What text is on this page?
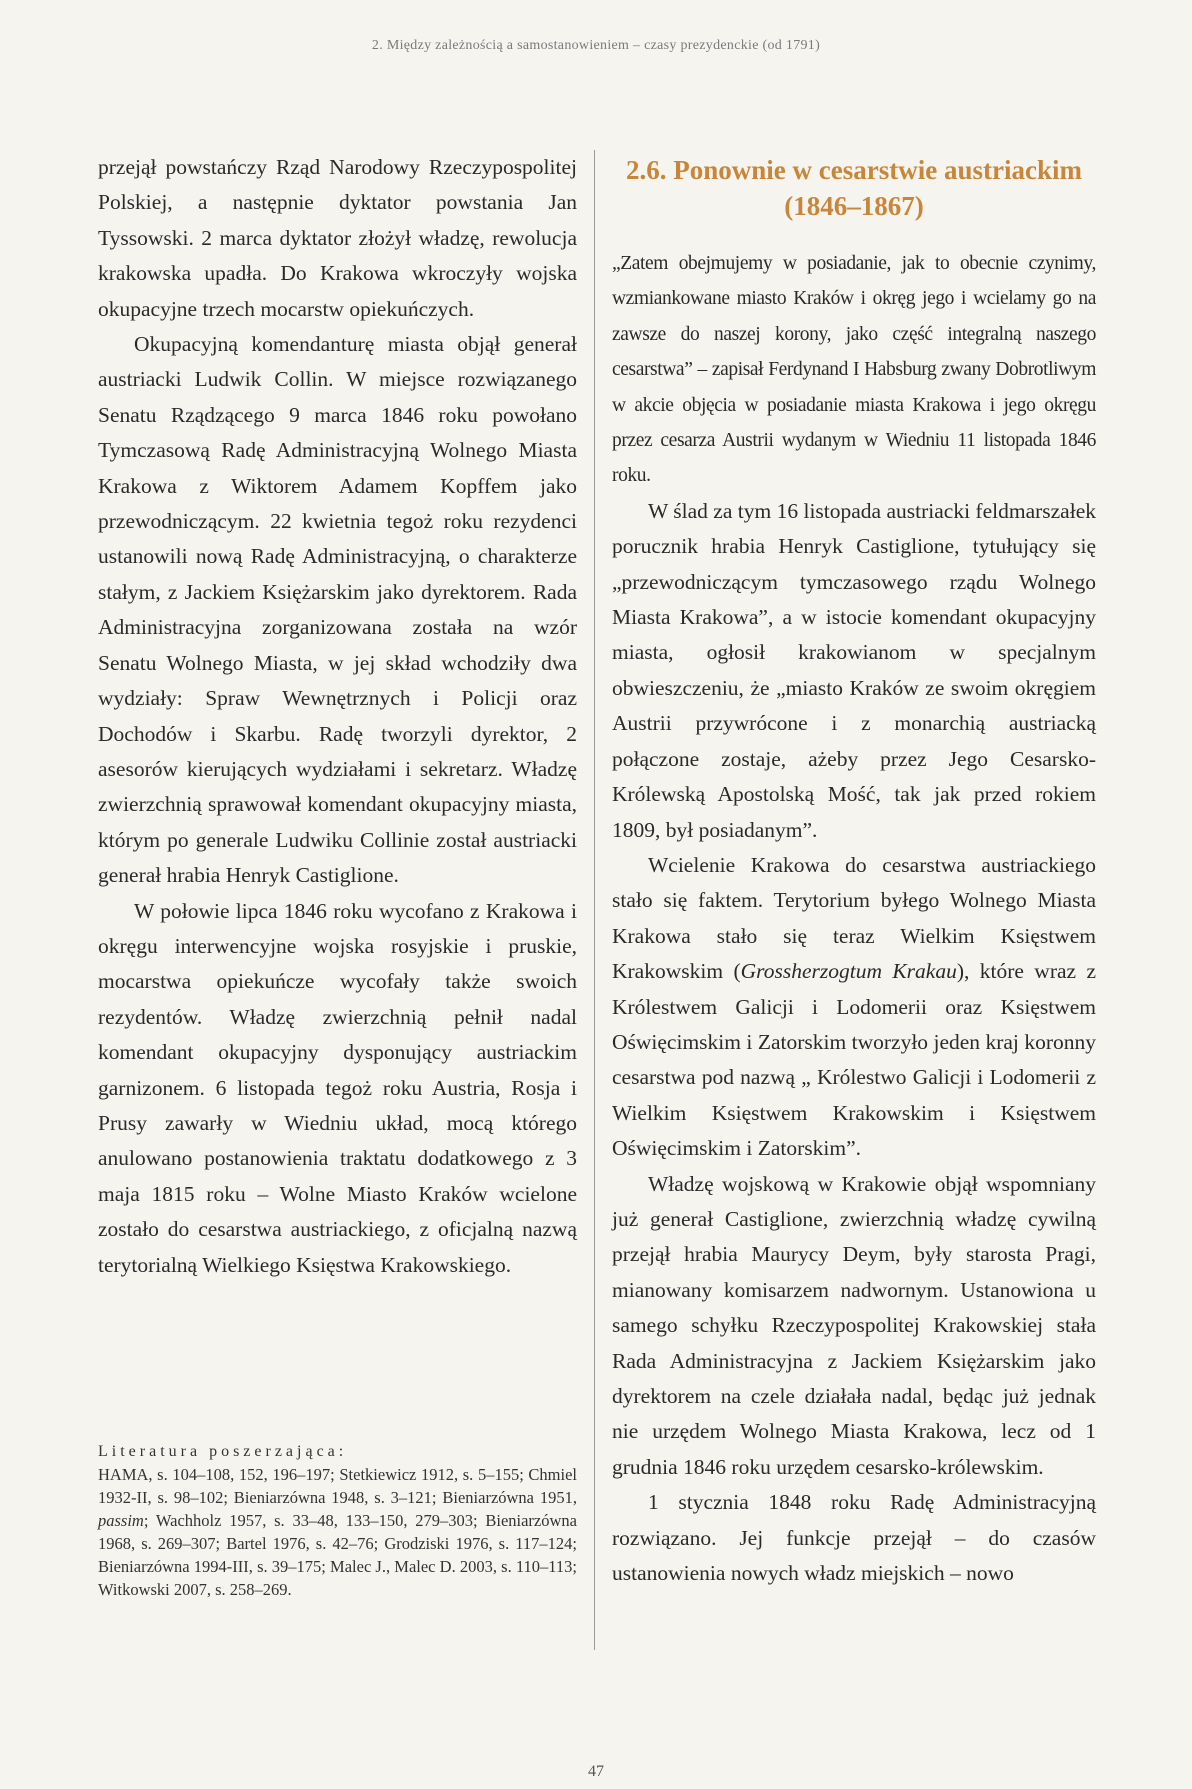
2. Między zależnością a samostanowieniem – czasy prezydenckie (od 1791)

przejął powstańczy Rząd Narodowy Rzeczypospolitej Polskiej, a następnie dyktator powstania Jan Tyssowski. 2 marca dyktator złożył władzę, rewolucja krakowska upadła. Do Krakowa wkroczyły wojska okupacyjne trzech mocarstw opiekuńczych.

Okupacyjną komendanturę miasta objął generał austriacki Ludwik Collin. W miejsce rozwiązanego Senatu Rządzącego 9 marca 1846 roku powołano Tymczasową Radę Administracyjną Wolnego Miasta Krakowa z Wiktorem Adamem Kopffem jako przewodniczącym. 22 kwietnia tegoż roku rezydenci ustanowili nową Radę Administracyjną, o charakterze stałym, z Jackiem Księżarskim jako dyrektorem. Rada Administracyjna zorganizowana została na wzór Senatu Wolnego Miasta, w jej skład wchodziły dwa wydziały: Spraw Wewnętrznych i Policji oraz Dochodów i Skarbu. Radę tworzyli dyrektor, 2 asesorów kierujących wydziałami i sekretarz. Władzę zwierzchnią sprawował komendant okupacyjny miasta, którym po generale Ludwiku Collinie został austriacki generał hrabia Henryk Castiglione.

W połowie lipca 1846 roku wycofano z Krakowa i okręgu interwencyjne wojska rosyjskie i pruskie, mocarstwa opiekuńcze wycofały także swoich rezydentów. Władzę zwierzchnią pełnił nadal komendant okupacyjny dysponujący austriackim garnizonem. 6 listopada tegoż roku Austria, Rosja i Prusy zawarły w Wiedniu układ, mocą którego anulowano postanowienia traktatu dodatkowego z 3 maja 1815 roku – Wolne Miasto Kraków wcielone zostało do cesarstwa austriackiego, z oficjalną nazwą terytorialną Wielkiego Księstwa Krakowskiego.

Literatura poszerzająca:
HAMA, s. 104–108, 152, 196–197; Stetkiewicz 1912, s. 5–155; Chmiel 1932-II, s. 98–102; Bieniarzówna 1948, s. 3–121; Bieniarzówna 1951, passim; Wachholz 1957, s. 33–48, 133–150, 279–303; Bieniarzówna 1968, s. 269–307; Bartel 1976, s. 42–76; Grodziski 1976, s. 117–124; Bieniarzówna 1994-III, s. 39–175; Malec J., Malec D. 2003, s. 110–113; Witkowski 2007, s. 258–269.
2.6. Ponownie w cesarstwie austriackim (1846–1867)

„Zatem obejmujemy w posiadanie, jak to obecnie czynimy, wzmiankowane miasto Kraków i okręg jego i wcielamy go na zawsze do naszej korony, jako część integralną naszego cesarstwa” – zapisał Ferdynand I Habsburg zwany Dobrotliwym w akcie objęcia w posiadanie miasta Krakowa i jego okręgu przez cesarza Austrii wydanym w Wiedniu 11 listopada 1846 roku.

W ślad za tym 16 listopada austriacki feldmarszałek porucznik hrabia Henryk Castiglione, tytułujący się „przewodniczącym tymczasowego rządu Wolnego Miasta Krakowa”, a w istocie komendant okupacyjny miasta, ogłosił krakowianom w specjalnym obwieszczeniu, że „miasto Kraków ze swoim okręgiem Austrii przywrócone i z monarchią austriacką połączone zostaje, ażeby przez Jego Cesarsko-Królewską Apostolską Mość, tak jak przed rokiem 1809, był posiadanym”.

Wcielenie Krakowa do cesarstwa austriackiego stało się faktem. Terytorium byłego Wolnego Miasta Krakowa stało się teraz Wielkim Księstwem Krakowskim (Grossherzogtum Krakau), które wraz z Królestwem Galicji i Lodomerii oraz Księstwem Oświęcimskim i Zatorskim tworzyło jeden kraj koronny cesarstwa pod nazwą „ Królestwo Galicji i Lodomerii z Wielkim Księstwem Krakowskim i Księstwem Oświęcimskim i Zatorskim”.

Władzę wojskową w Krakowie objął wspomniany już generał Castiglione, zwierzchnią władzę cywilną przejął hrabia Maurycy Deym, były starosta Pragi, mianowany komisarzem nadwornym. Ustanowiona u samego schyłku Rzeczypospolitej Krakowskiej stała Rada Administracyjna z Jackiem Księżarskim jako dyrektorem na czele działała nadal, będąc już jednak nie urzędem Wolnego Miasta Krakowa, lecz od 1 grudnia 1846 roku urzędem cesarsko-królewskim.

1 stycznia 1848 roku Radę Administracyjną rozwiązano. Jej funkcje przejął – do czasów ustanowienia nowych władz miejskich – nowo

47
